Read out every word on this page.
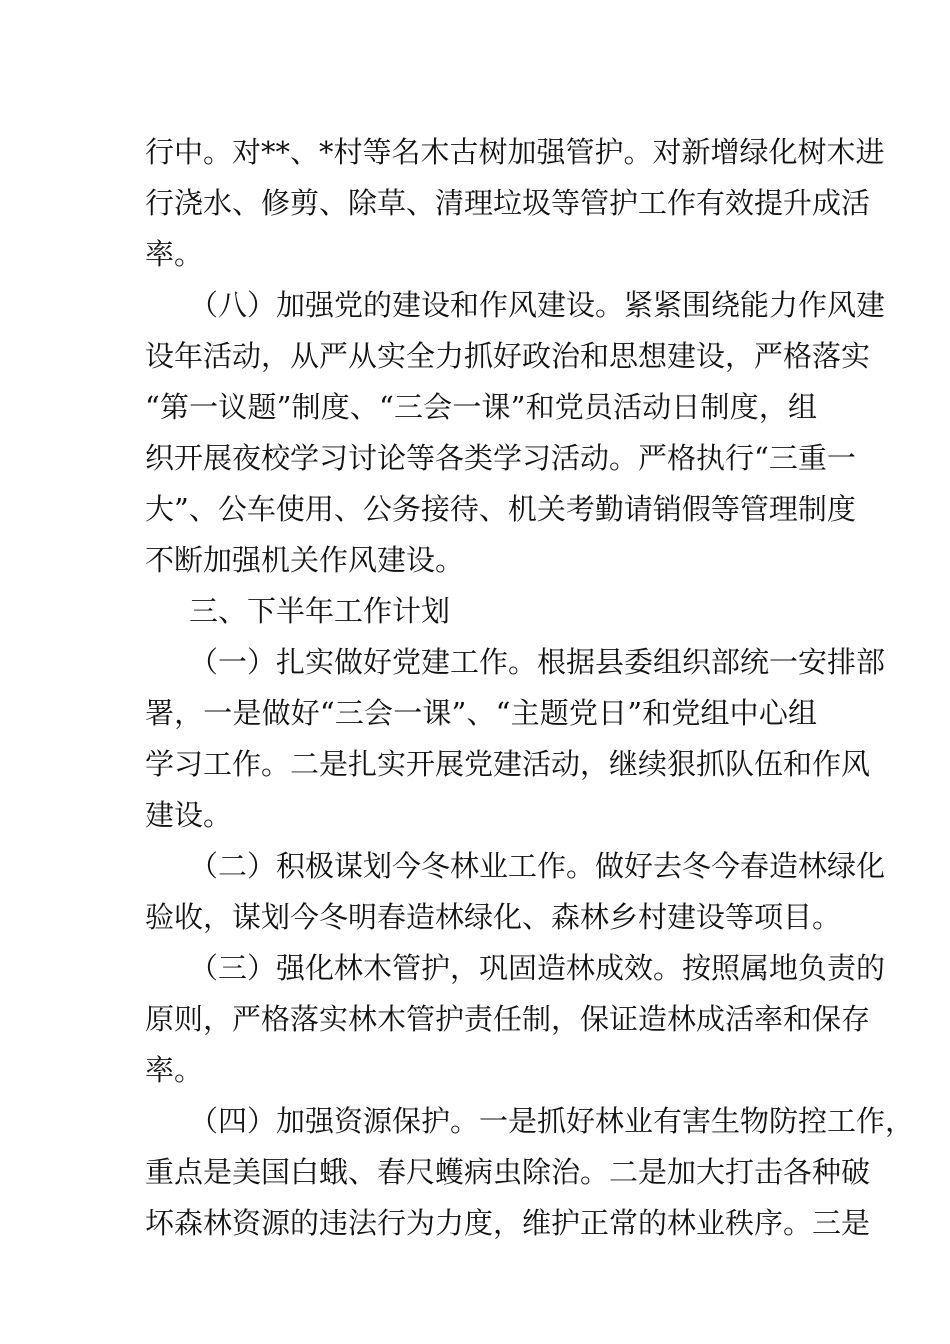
行中。对**、*村等名木古树加强管护。对新增绿化树木进
行浇水、修剪、除草、清理垃圾等管护工作有效提升成活
率。
（八）加强党的建设和作风建设。紧紧围绕能力作风建
设年活动，从严从实全力抓好政治和思想建设，严格落实
“第一议题”制度、“三会一课”和党员活动日制度，组
织开展夜校学习讨论等各类学习活动。严格执行“三重一
大”、公车使用、公务接待、机关考勤请销假等管理制度
不断加强机关作风建设。
三、下半年工作计划
（一）扎实做好党建工作。根据县委组织部统一安排部
署，一是做好“三会一课”、“主题党日”和党组中心组
学习工作。二是扎实开展党建活动，继续狠抓队伍和作风
建设。
（二）积极谋划今冬林业工作。做好去冬今春造林绿化
验收，谋划今冬明春造林绿化、森林乡村建设等项目。
（三）强化林木管护，巩固造林成效。按照属地负责的
原则，严格落实林木管护责任制，保证造林成活率和保存
率。
（四）加强资源保护。一是抓好林业有害生物防控工作，
重点是美国白蛾、春尺蠖病虫除治。二是加大打击各种破
坏森林资源的违法行为力度，维护正常的林业秩序。三是
